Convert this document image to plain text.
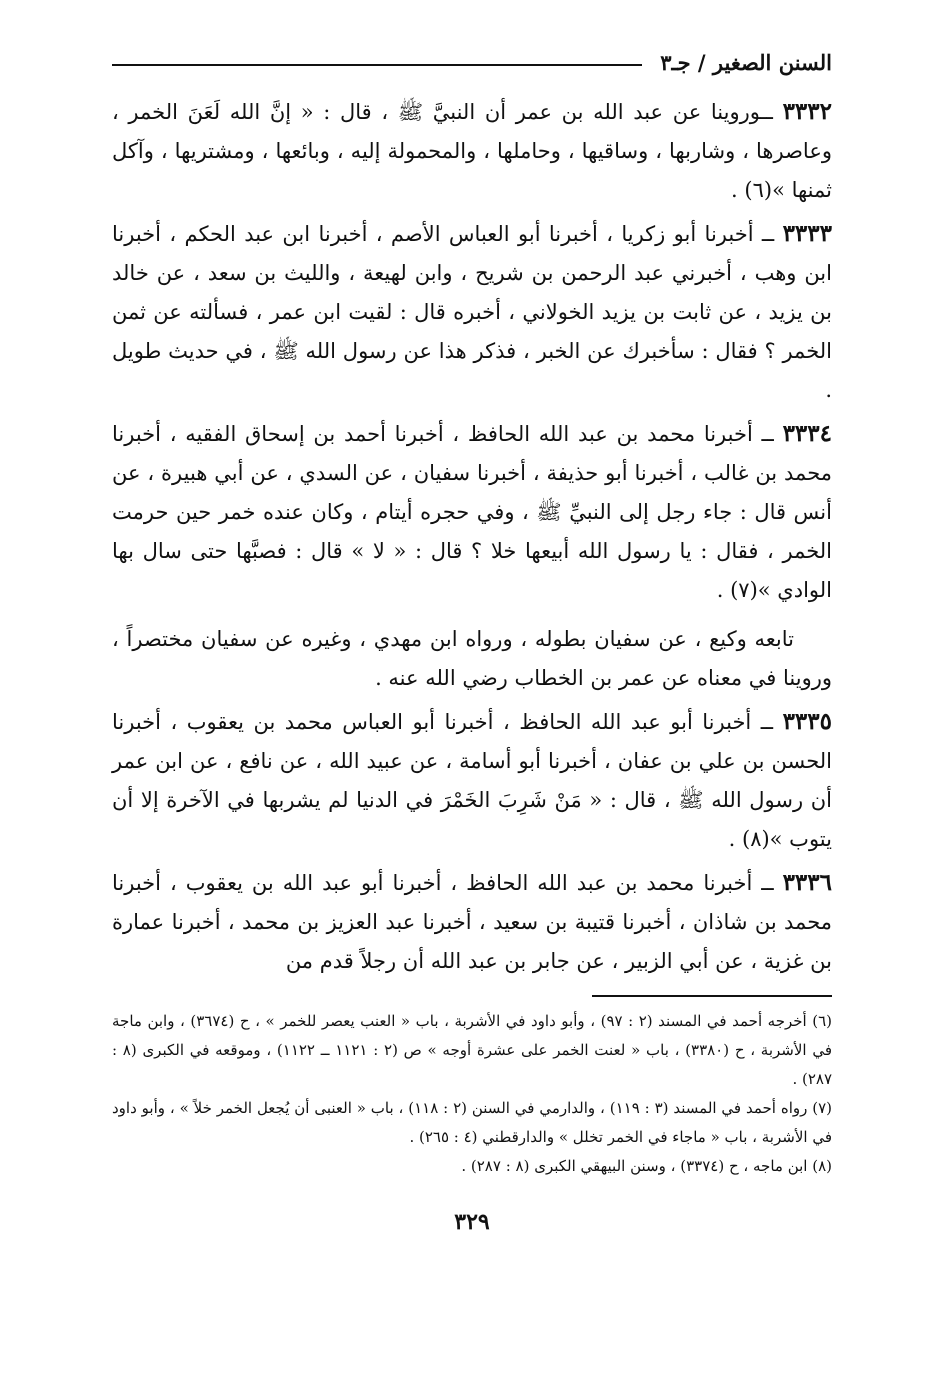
السنن الصغير / جـ٣

٣٣٣٢ ــوروينا عن عبد الله بن عمر أن النبيَّ ﷺ ، قال : « إنَّ الله لَعَنَ الخمر ، وعاصرها ، وشاربها ، وساقيها ، وحاملها ، والمحمولة إليه ، وبائعها ، ومشتريها ، وآكل ثمنها »(٦) .

٣٣٣٣ ــ أخبرنا أبو زكريا ، أخبرنا أبو العباس الأصم ، أخبرنا ابن عبد الحكم ، أخبرنا ابن وهب ، أخبرني عبد الرحمن بن شريح ، وابن لهيعة ، والليث بن سعد ، عن خالد بن يزيد ، عن ثابت بن يزيد الخولاني ، أخبره قال : لقيت ابن عمر ، فسألته عن ثمن الخمر ؟ فقال : سأخبرك عن الخبر ، فذكر هذا عن رسول الله ﷺ ، في حديث طويل .

٣٣٣٤ ــ أخبرنا محمد بن عبد الله الحافظ ، أخبرنا أحمد بن إسحاق الفقيه ، أخبرنا محمد بن غالب ، أخبرنا أبو حذيفة ، أخبرنا سفيان ، عن السدي ، عن أبي هبيرة ، عن أنس قال : جاء رجل إلى النبيِّ ﷺ ، وفي حجره أيتام ، وكان عنده خمر حين حرمت الخمر ، فقال : يا رسول الله أبيعها خلا ؟ قال : « لا » قال : فصبَّها حتى سال بها الوادي »(٧) .

تابعه وكيع ، عن سفيان بطوله ، ورواه ابن مهدي ، وغيره عن سفيان مختصراً ، وروينا في معناه عن عمر بن الخطاب رضي الله عنه .

٣٣٣٥ ــ أخبرنا أبو عبد الله الحافظ ، أخبرنا أبو العباس محمد بن يعقوب ، أخبرنا الحسن بن علي بن عفان ، أخبرنا أبو أسامة ، عن عبيد الله ، عن نافع ، عن ابن عمر أن رسول الله ﷺ ، قال : « مَنْ شَرِبَ الخَمْرَ في الدنيا لم يشربها في الآخرة إلا أن يتوب »(٨) .

٣٣٣٦ ــ أخبرنا محمد بن عبد الله الحافظ ، أخبرنا أبو عبد الله بن يعقوب ، أخبرنا محمد بن شاذان ، أخبرنا قتيبة بن سعيد ، أخبرنا عبد العزيز بن محمد ، أخبرنا عمارة بن غزية ، عن أبي الزبير ، عن جابر بن عبد الله أن رجلاً قدم من

(٦) أخرجه أحمد في المسند (٢ : ٩٧) ، وأبو داود في الأشربة ، باب « العنب يعصر للخمر » ، ح (٣٦٧٤) ، وابن ماجة في الأشربة ، ح (٣٣٨٠) ، باب « لعنت الخمر على عشرة أوجه » ص (٢ : ١١٢١ ــ ١١٢٢) ، وموقعه في الكبرى (٨ : ٢٨٧) .

(٧) رواه أحمد في المسند (٣ : ١١٩) ، والدارمي في السنن (٢ : ١١٨) ، باب « العنبى أن يُجعل الخمر خلاً » ، وأبو داود في الأشربة ، باب « ماجاء في الخمر تخلل » والدارقطني (٤ : ٢٦٥) .

(٨) ابن ماجه ، ح (٣٣٧٤) ، وسنن البيهقي الكبرى (٨ : ٢٨٧) .

٣٢٩
